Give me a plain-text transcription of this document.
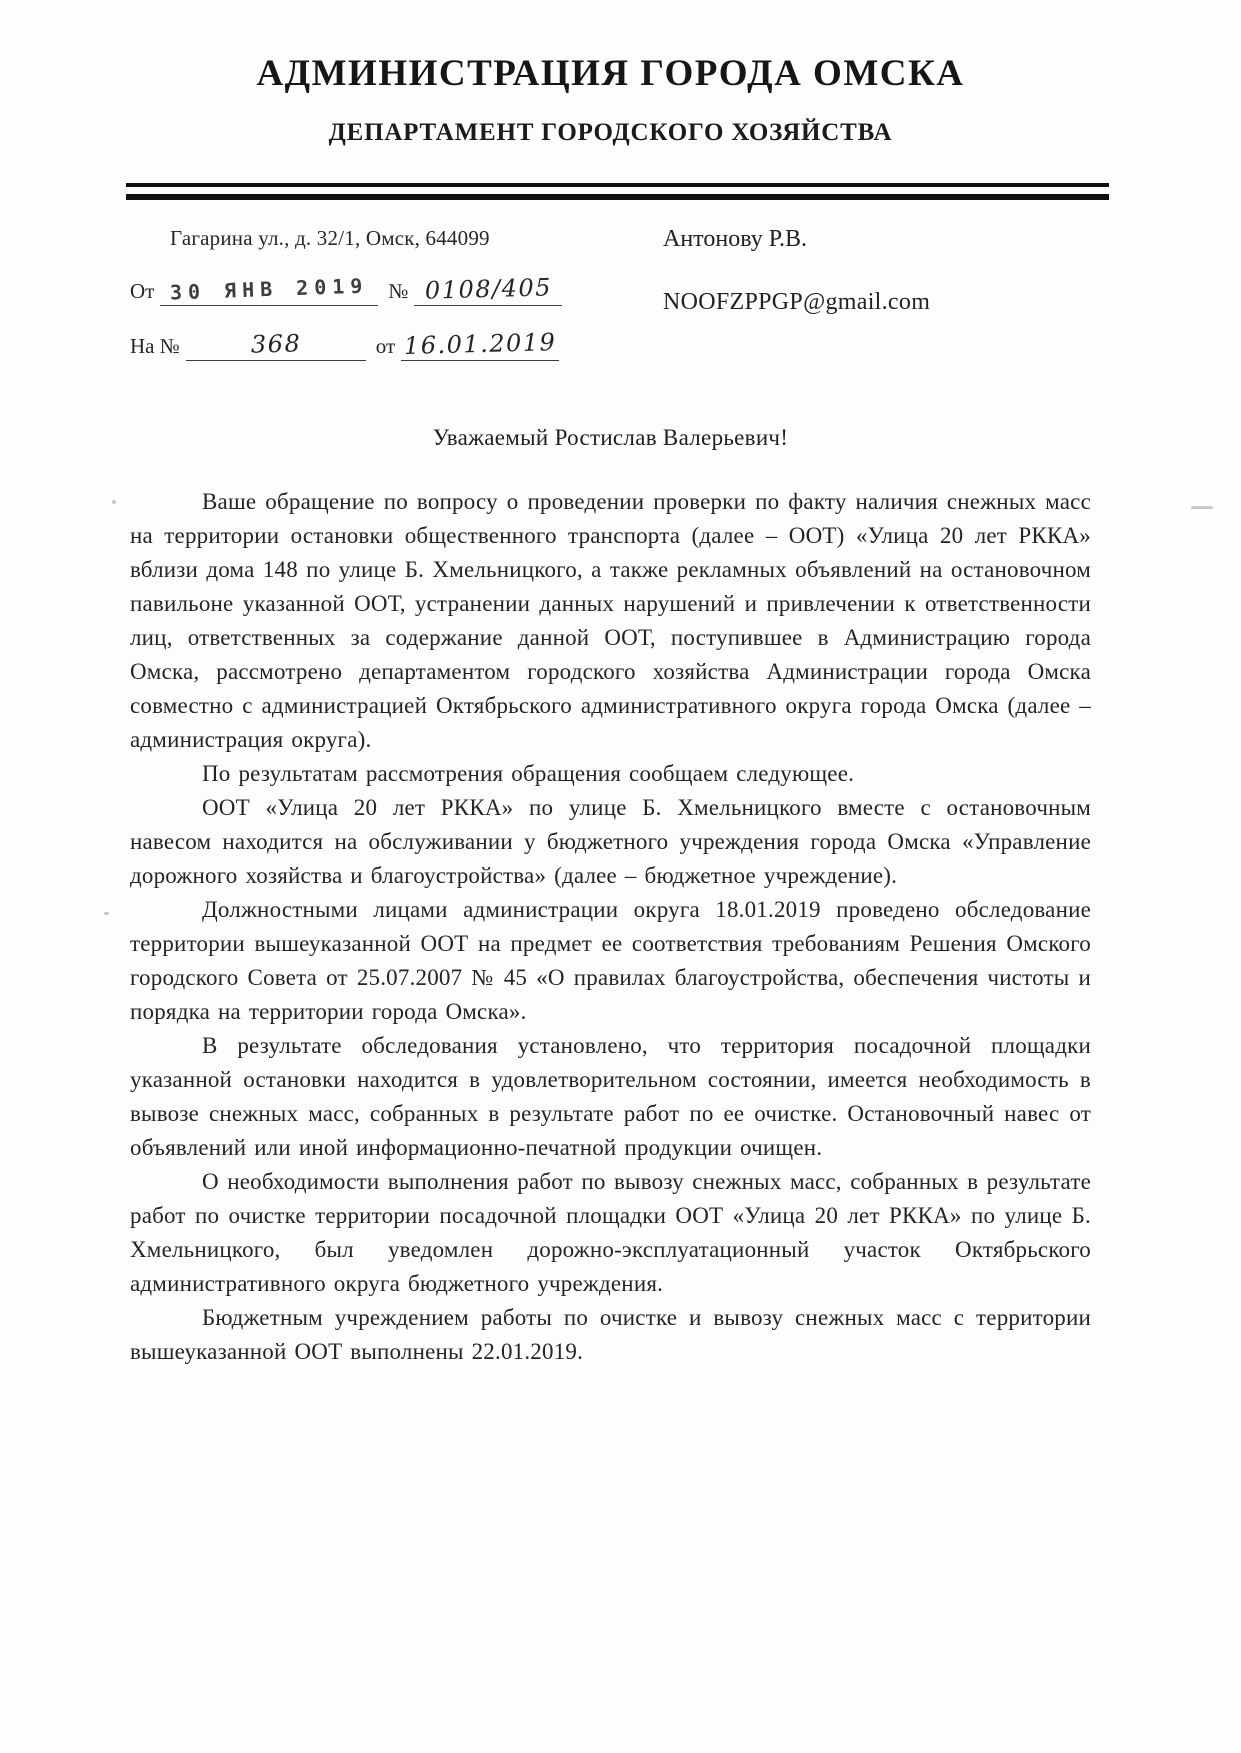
АДМИНИСТРАЦИЯ ГОРОДА ОМСКА
ДЕПАРТАМЕНТ ГОРОДСКОГО ХОЗЯЙСТВА
Гагарина ул., д. 32/1, Омск, 644099
От 30 ЯНВ 2019 № 0108/405
На №	368	от 16.01.2019
Антонову Р.В.
NOOFZPPGP@gmail.com
Уважаемый Ростислав Валерьевич!

Ваше обращение по вопросу о проведении проверки по факту наличия снежных масс на территории остановки общественного транспорта (далее – ООТ) «Улица 20 лет РККА» вблизи дома 148 по улице Б. Хмельницкого, а также рекламных объявлений на остановочном павильоне указанной ООТ, устранении данных нарушений и привлечении к ответственности лиц, ответственных за содержание данной ООТ, поступившее в Администрацию города Омска, рассмотрено департаментом городского хозяйства Администрации города Омска совместно с администрацией Октябрьского административного округа города Омска (далее – администрация округа).

По результатам рассмотрения обращения сообщаем следующее.

ООТ «Улица 20 лет РККА» по улице Б. Хмельницкого вместе с остановочным навесом находится на обслуживании у бюджетного учреждения города Омска «Управление дорожного хозяйства и благоустройства» (далее – бюджетное учреждение).

Должностными лицами администрации округа 18.01.2019 проведено обследование территории вышеуказанной ООТ на предмет ее соответствия требованиям Решения Омского городского Совета от 25.07.2007 № 45 «О правилах благоустройства, обеспечения чистоты и порядка на территории города Омска».

В результате обследования установлено, что территория посадочной площадки указанной остановки находится в удовлетворительном состоянии, имеется необходимость в вывозе снежных масс, собранных в результате работ по ее очистке. Остановочный навес от объявлений или иной информационно-печатной продукции очищен.

О необходимости выполнения работ по вывозу снежных масс, собранных в результате работ по очистке территории посадочной площадки ООТ «Улица 20 лет РККА» по улице Б. Хмельницкого, был уведомлен дорожно-эксплуатационный участок Октябрьского административного округа бюджетного учреждения.

Бюджетным учреждением работы по очистке и вывозу снежных масс с территории вышеуказанной ООТ выполнены 22.01.2019.
